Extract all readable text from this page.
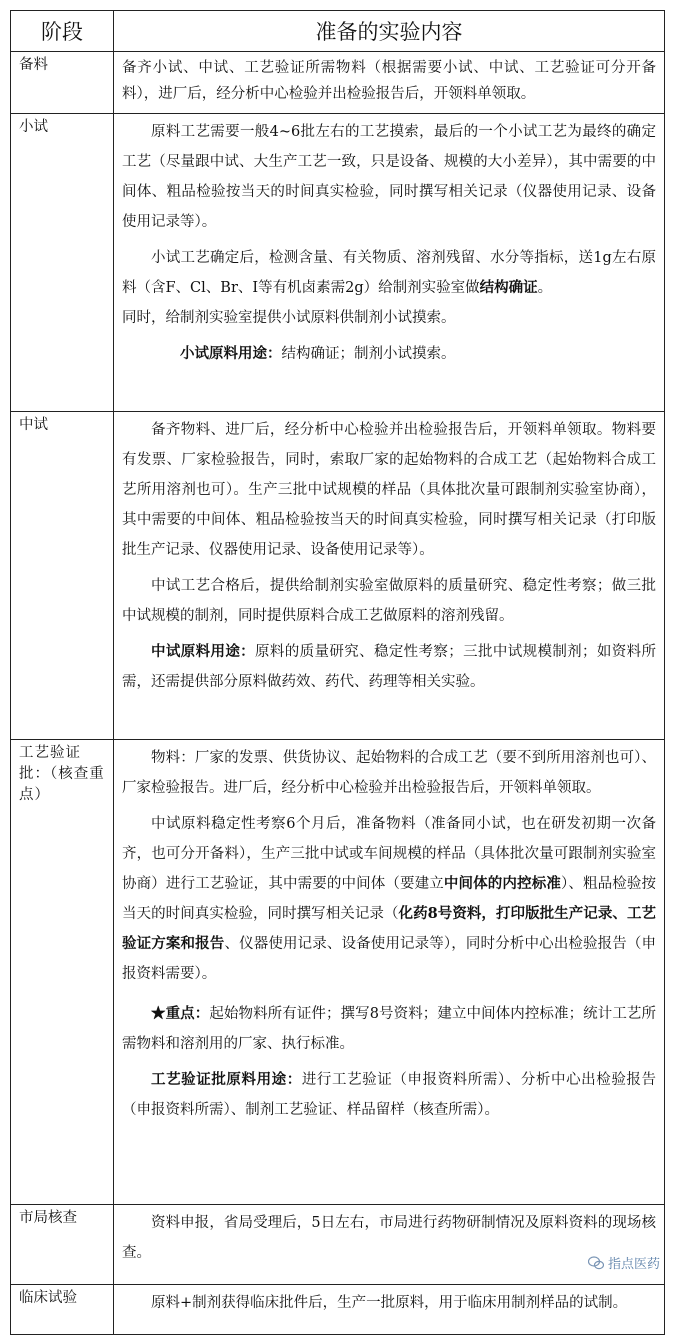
阶段	准备的实验内容
备料	备齐小试、中试、工艺验证所需物料（根据需要小试、中试、工艺验证可分开备料），进厂后，经分析中心检验并出检验报告后，开领料单领取。

小试	原料工艺需要一般4~6批左右的工艺摸索，最后的一个小试工艺为最终的确定工艺（尽量跟中试、大生产工艺一致，只是设备、规模的大小差异），其中需要的中间体、粗品检验按当天的时间真实检验，同时撰写相关记录（仪器使用记录、设备使用记录等）。

小试工艺确定后，检测含量、有关物质、溶剂残留、水分等指标，送1g左右原料（含F、Cl、Br、I等有机卤素需2g）给制剂实验室做结构确证。

同时，给制剂实验室提供小试原料供制剂小试摸索。

小试原料用途：结构确证；制剂小试摸索。

中试	备齐物料、进厂后，经分析中心检验并出检验报告后，开领料单领取。物料要有发票、厂家检验报告，同时，索取厂家的起始物料的合成工艺（起始物料合成工艺所用溶剂也可）。生产三批中试规模的样品（具体批次量可跟制剂实验室协商），其中需要的中间体、粗品检验按当天的时间真实检验，同时撰写相关记录（打印版批生产记录、仪器使用记录、设备使用记录等）。

中试工艺合格后，提供给制剂实验室做原料的质量研究、稳定性考察；做三批中试规模的制剂，同时提供原料合成工艺做原料的溶剂残留。

中试原料用途：原料的质量研究、稳定性考察；三批中试规模制剂；如资料所需，还需提供部分原料做药效、药代、药理等相关实验。

工艺验证批：（核查重点）	物料：厂家的发票、供货协议、起始物料的合成工艺（要不到所用溶剂也可）、厂家检验报告。进厂后，经分析中心检验并出检验报告后，开领料单领取。

中试原料稳定性考察6个月后，准备物料（准备同小试，也在研发初期一次备齐，也可分开备料），生产三批中试或车间规模的样品（具体批次量可跟制剂实验室协商）进行工艺验证，其中需要的中间体（要建立中间体的内控标准）、粗品检验按当天的时间真实检验，同时撰写相关记录（化药8号资料，打印版批生产记录、工艺验证方案和报告、仪器使用记录、设备使用记录等），同时分析中心出检验报告（申报资料需要）。

★重点：起始物料所有证件；撰写8号资料；建立中间体内控标准；统计工艺所需物料和溶剂用的厂家、执行标准。

工艺验证批原料用途：进行工艺验证（申报资料所需）、分析中心出检验报告（申报资料所需）、制剂工艺验证、样品留样（核查所需）。

市局核查	资料申报，省局受理后，5日左右，市局进行药物研制情况及原料资料的现场核查。

临床试验	原料+制剂获得临床批件后，生产一批原料，用于临床用制剂样品的试制。

指点医药
